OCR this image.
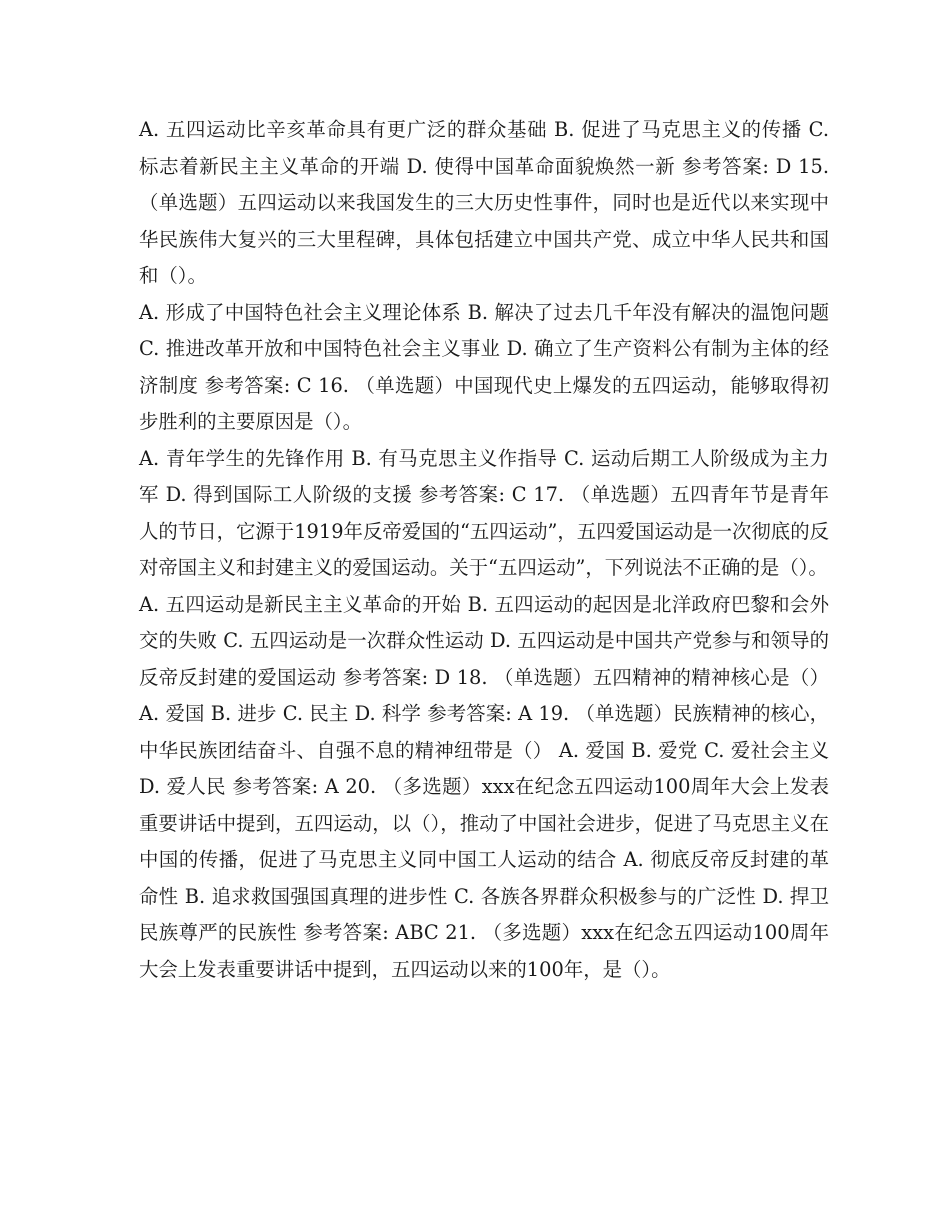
A. 五四运动比辛亥革命具有更广泛的群众基础 B. 促进了马克思主义的传播 C. 标志着新民主主义革命的开端 D. 使得中国革命面貌焕然一新 参考答案: D 15. （单选题）五四运动以来我国发生的三大历史性事件，同时也是近代以来实现中华民族伟大复兴的三大里程碑，具体包括建立中国共产党、成立中华人民共和国和（）。

A. 形成了中国特色社会主义理论体系 B. 解决了过去几千年没有解决的温饱问题 C. 推进改革开放和中国特色社会主义事业 D. 确立了生产资料公有制为主体的经济制度 参考答案: C 16. （单选题）中国现代史上爆发的五四运动，能够取得初步胜利的主要原因是（）。

A. 青年学生的先锋作用 B. 有马克思主义作指导 C. 运动后期工人阶级成为主力军 D. 得到国际工人阶级的支援 参考答案: C 17. （单选题）五四青年节是青年人的节日，它源于1919年反帝爱国的“五四运动”，五四爱国运动是一次彻底的反对帝国主义和封建主义的爱国运动。关于“五四运动”，下列说法不正确的是（）。

A. 五四运动是新民主主义革命的开始 B. 五四运动的起因是北洋政府巴黎和会外交的失败 C. 五四运动是一次群众性运动 D. 五四运动是中国共产党参与和领导的反帝反封建的爱国运动 参考答案: D 18. （单选题）五四精神的精神核心是（） A. 爱国 B. 进步 C. 民主 D. 科学 参考答案: A 19. （单选题）民族精神的核心，中华民族团结奋斗、自强不息的精神纽带是（） A. 爱国 B. 爱党 C. 爱社会主义 D. 爱人民 参考答案: A 20. （多选题）xxx在纪念五四运动100周年大会上发表重要讲话中提到，五四运动，以（），推动了中国社会进步，促进了马克思主义在中国的传播，促进了马克思主义同中国工人运动的结合 A. 彻底反帝反封建的革命性 B. 追求救国强国真理的进步性 C. 各族各界群众积极参与的广泛性 D. 捍卫民族尊严的民族性 参考答案: ABC 21. （多选题）xxx在纪念五四运动100周年大会上发表重要讲话中提到，五四运动以来的100年，是（）。
